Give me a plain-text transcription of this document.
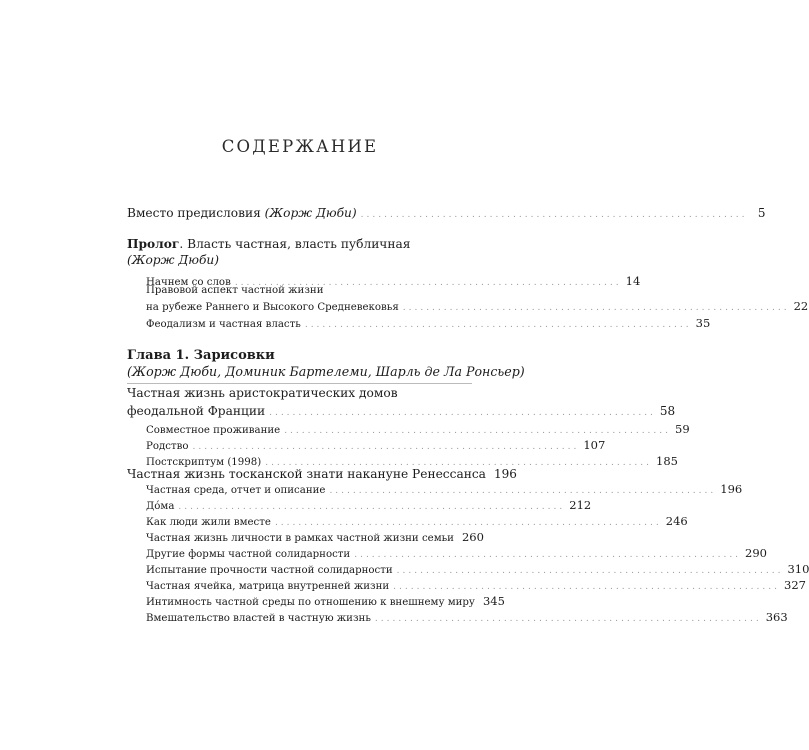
СОДЕРЖАНИЕ
Вместо предисловия (Жорж Дюби) .................................................................. 5
Пролог. Власть частная, власть публичная
(Жорж Дюби)
Начнем со слов .................................................................. 14
Правовой аспект частной жизни
на рубеже Раннего и Высокого Средневековья .................................................................. 22
Феодализм и частная власть .................................................................. 35
Глава 1. Зарисовки
(Жорж Дюби, Доминик Бартелеми, Шарль де Ла Ронсьер)
Частная жизнь аристократических домов
феодальной Франции .................................................................. 58
Совместное проживание .................................................................. 59
Родство .................................................................. 107
Постскриптум (1998) .................................................................. 185
Частная жизнь тосканской знати накануне Ренессанса 196
Частная среда, отчет и описание .................................................................. 196
Дóма .................................................................. 212
Как люди жили вместе .................................................................. 246
Частная жизнь личности в рамках частной жизни семьи 260
Другие формы частной солидарности .................................................................. 290
Испытание прочности частной солидарности .................................................................. 310
Частная ячейка, матрица внутренней жизни .................................................................. 327
Интимность частной среды по отношению к внешнему миру 345
Вмешательство властей в частную жизнь .................................................................. 363
